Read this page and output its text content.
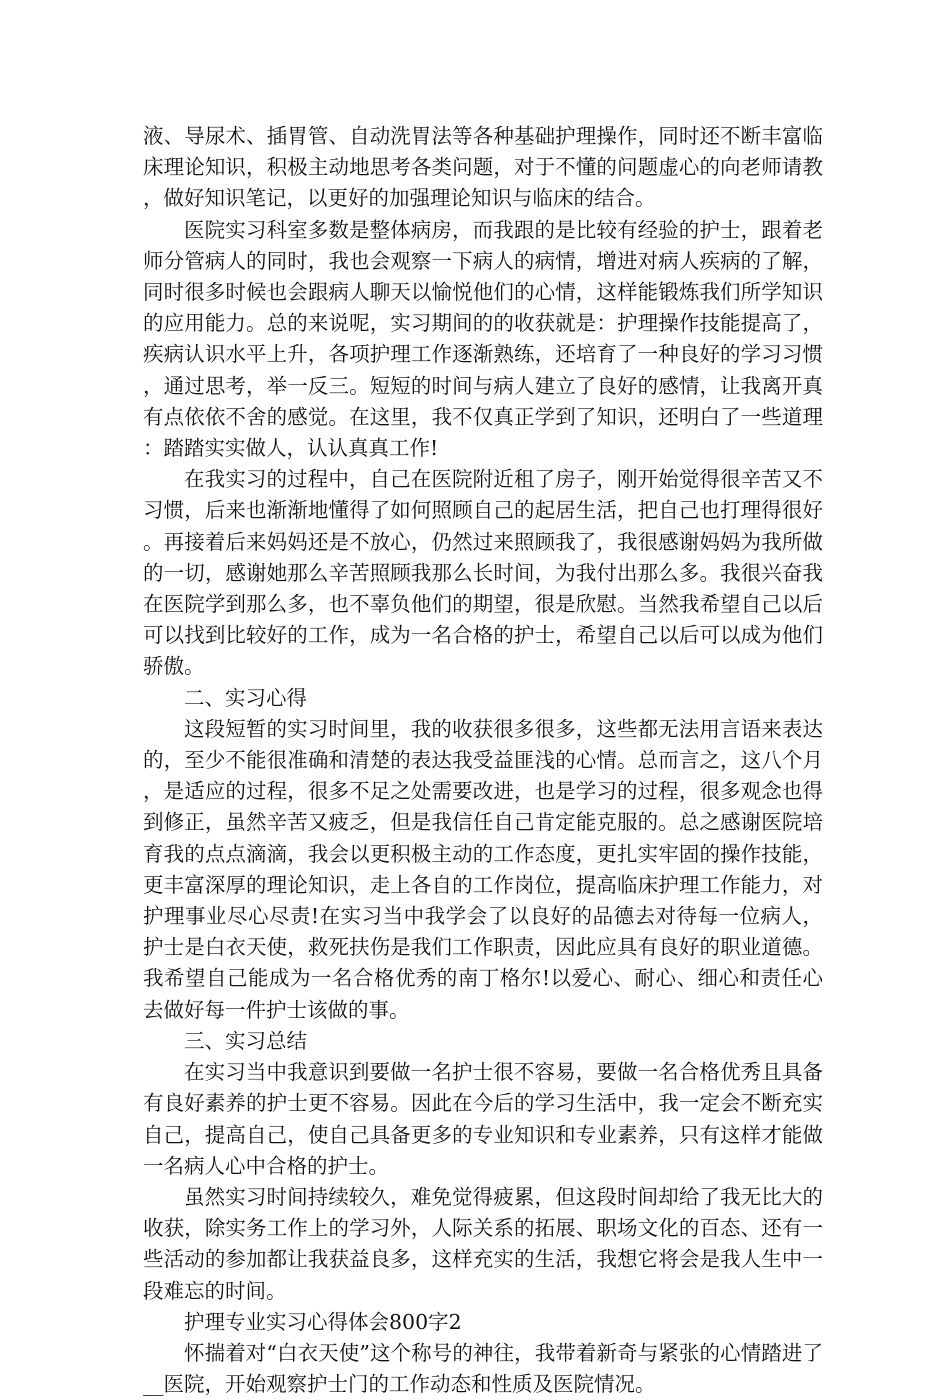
液、导尿术、插胃管、自动洗胃法等各种基础护理操作，同时还不断丰富临床理论知识，积极主动地思考各类问题，对于不懂的问题虚心的向老师请教，做好知识笔记，以更好的加强理论知识与临床的结合。

医院实习科室多数是整体病房，而我跟的是比较有经验的护士，跟着老师分管病人的同时，我也会观察一下病人的病情，增进对病人疾病的了解，同时很多时候也会跟病人聊天以愉悦他们的心情，这样能锻炼我们所学知识的应用能力。总的来说呢，实习期间的的收获就是：护理操作技能提高了，疾病认识水平上升，各项护理工作逐渐熟练，还培育了一种良好的学习习惯，通过思考，举一反三。短短的时间与病人建立了良好的感情，让我离开真有点依依不舍的感觉。在这里，我不仅真正学到了知识，还明白了一些道理：踏踏实实做人，认认真真工作!

在我实习的过程中，自己在医院附近租了房子，刚开始觉得很辛苦又不习惯，后来也渐渐地懂得了如何照顾自己的起居生活，把自己也打理得很好。再接着后来妈妈还是不放心，仍然过来照顾我了，我很感谢妈妈为我所做的一切，感谢她那么辛苦照顾我那么长时间，为我付出那么多。我很兴奋我在医院学到那么多，也不辜负他们的期望，很是欣慰。当然我希望自己以后可以找到比较好的工作，成为一名合格的护士，希望自己以后可以成为他们骄傲。

二、实习心得

这段短暂的实习时间里，我的收获很多很多，这些都无法用言语来表达的，至少不能很准确和清楚的表达我受益匪浅的心情。总而言之，这八个月，是适应的过程，很多不足之处需要改进，也是学习的过程，很多观念也得到修正，虽然辛苦又疲乏，但是我信任自己肯定能克服的。总之感谢医院培育我的点点滴滴，我会以更积极主动的工作态度，更扎实牢固的操作技能，更丰富深厚的理论知识，走上各自的工作岗位，提高临床护理工作能力，对护理事业尽心尽责!在实习当中我学会了以良好的品德去对待每一位病人，护士是白衣天使，救死扶伤是我们工作职责，因此应具有良好的职业道德。我希望自己能成为一名合格优秀的南丁格尔!以爱心、耐心、细心和责任心去做好每一件护士该做的事。

三、实习总结

在实习当中我意识到要做一名护士很不容易，要做一名合格优秀且具备有良好素养的护士更不容易。因此在今后的学习生活中，我一定会不断充实自己，提高自己，使自己具备更多的专业知识和专业素养，只有这样才能做一名病人心中合格的护士。

虽然实习时间持续较久，难免觉得疲累，但这段时间却给了我无比大的收获，除实务工作上的学习外，人际关系的拓展、职场文化的百态、还有一些活动的参加都让我获益良多，这样充实的生活，我想它将会是我人生中一段难忘的时间。

护理专业实习心得体会800字2

怀揣着对“白衣天使”这个称号的神往，我带着新奇与紧张的心情踏进了__医院，开始观察护士门的工作动态和性质及医院情况。
